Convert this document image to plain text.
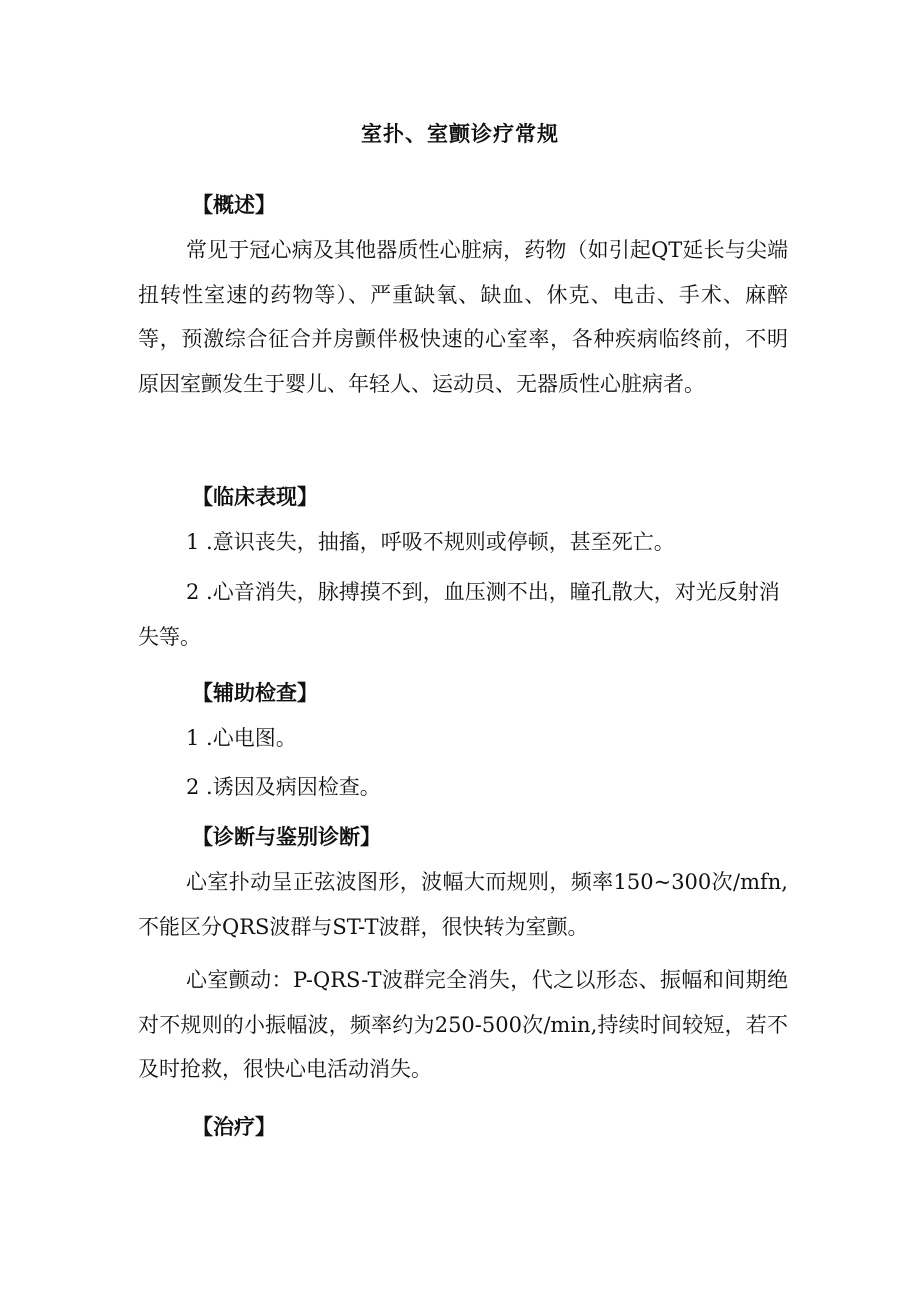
室扑、室颤诊疗常规
【概述】

常见于冠心病及其他器质性心脏病，药物（如引起QT延长与尖端扭转性室速的药物等）、严重缺氧、缺血、休克、电击、手术、麻醉等，预激综合征合并房颤伴极快速的心室率，各种疾病临终前，不明原因室颤发生于婴儿、年轻人、运动员、无器质性心脏病者。

【临床表现】

1 .意识丧失，抽搐，呼吸不规则或停顿，甚至死亡。

2 .心音消失，脉搏摸不到，血压测不出，瞳孔散大，对光反射消失等。

【辅助检查】

1 .心电图。

2 .诱因及病因检查。

【诊断与鉴别诊断】

心室扑动呈正弦波图形，波幅大而规则，频率150~300次/mfn,不能区分QRS波群与ST-T波群，很快转为室颤。

心室颤动：P-QRS-T波群完全消失，代之以形态、振幅和间期绝对不规则的小振幅波，频率约为250-500次/min,持续时间较短，若不及时抢救，很快心电活动消失。

【治疗】
